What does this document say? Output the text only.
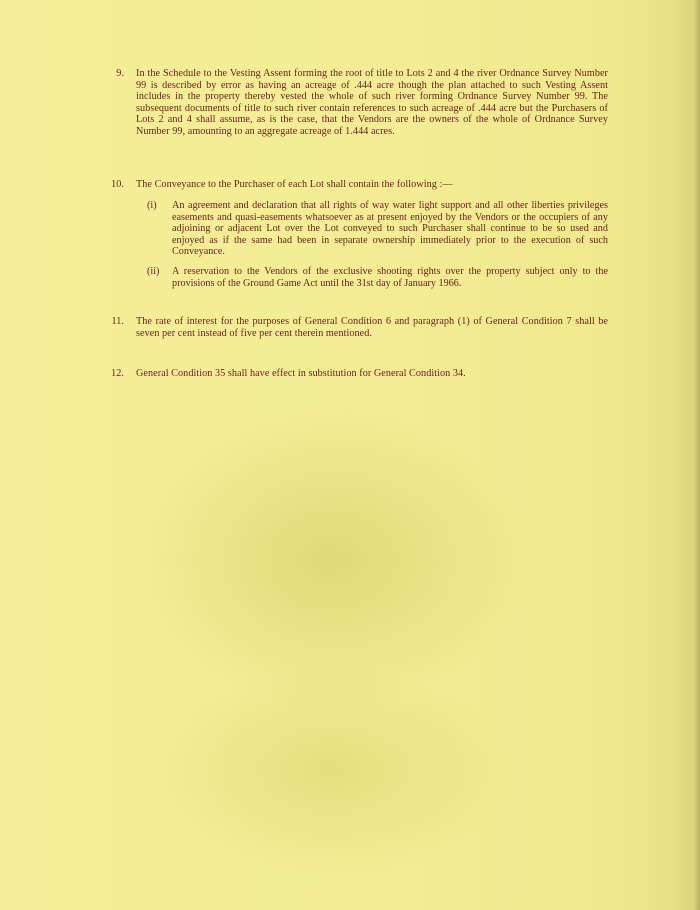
9. In the Schedule to the Vesting Assent forming the root of title to Lots 2 and 4 the river Ordnance Survey Number 99 is described by error as having an acreage of .444 acre though the plan attached to such Vesting Assent includes in the property thereby vested the whole of such river forming Ordnance Survey Number 99. The subsequent documents of title to such river contain references to such acreage of .444 acre but the Purchasers of Lots 2 and 4 shall assume, as is the case, that the Vendors are the owners of the whole of Ordnance Survey Number 99, amounting to an aggregate acreage of 1.444 acres.
10. The Conveyance to the Purchaser of each Lot shall contain the following :—
(i) An agreement and declaration that all rights of way water light support and all other liberties privileges easements and quasi-easements whatsoever as at present enjoyed by the Vendors or the occupiers of any adjoining or adjacent Lot over the Lot conveyed to such Purchaser shall continue to be so used and enjoyed as if the same had been in separate ownership immediately prior to the execution of such Conveyance.
(ii) A reservation to the Vendors of the exclusive shooting rights over the property subject only to the provisions of the Ground Game Act until the 31st day of January 1966.
11. The rate of interest for the purposes of General Condition 6 and paragraph (1) of General Condition 7 shall be seven per cent instead of five per cent therein mentioned.
12. General Condition 35 shall have effect in substitution for General Condition 34.
